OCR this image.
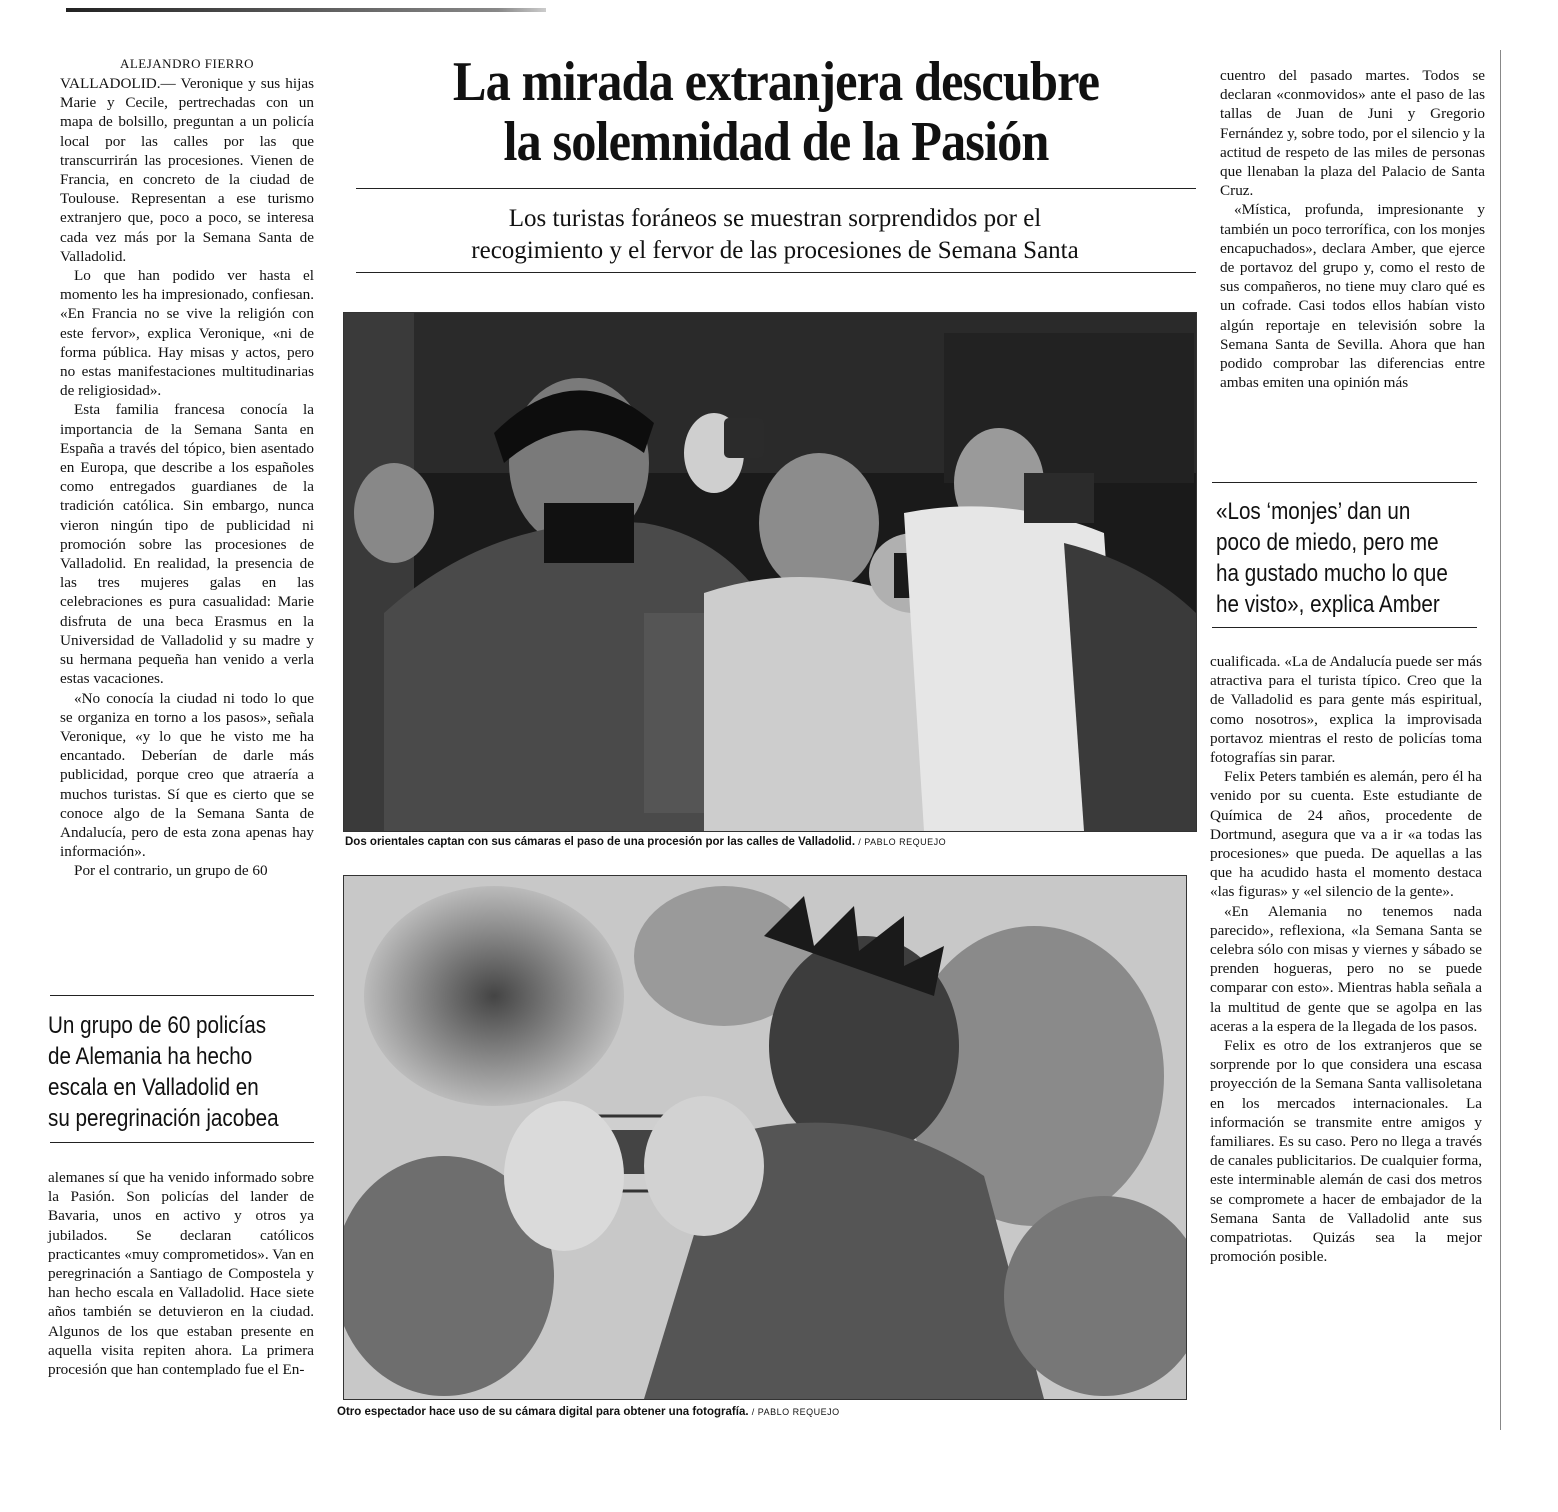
ALEJANDRO FIERRO

VALLADOLID.— Veronique y sus hijas Marie y Cecile, pertrechadas con un mapa de bolsillo, preguntan a un policía local por las calles por las que transcurrirán las procesiones. Vienen de Francia, en concreto de la ciudad de Toulouse. Representan a ese turismo extranjero que, poco a poco, se interesa cada vez más por la Semana Santa de Valladolid.

Lo que han podido ver hasta el momento les ha impresionado, confiesan. «En Francia no se vive la religión con este fervor», explica Veronique, «ni de forma pública. Hay misas y actos, pero no estas manifestaciones multitudinarias de religiosidad».

Esta familia francesa conocía la importancia de la Semana Santa en España a través del tópico, bien asentado en Europa, que describe a los españoles como entregados guardianes de la tradición católica. Sin embargo, nunca vieron ningún tipo de publicidad ni promoción sobre las procesiones de Valladolid. En realidad, la presencia de las tres mujeres galas en las celebraciones es pura casualidad: Marie disfruta de una beca Erasmus en la Universidad de Valladolid y su madre y su hermana pequeña han venido a verla estas vacaciones.

«No conocía la ciudad ni todo lo que se organiza en torno a los pasos», señala Veronique, «y lo que he visto me ha encantado. Deberían de darle más publicidad, porque creo que atraería a muchos turistas. Sí que es cierto que se conoce algo de la Semana Santa de Andalucía, pero de esta zona apenas hay información».

Por el contrario, un grupo de 60

Un grupo de 60 policías
de Alemania ha hecho
escala en Valladolid en
su peregrinación jacobea

alemanes sí que ha venido informado sobre la Pasión. Son policías del lander de Bavaria, unos en activo y otros ya jubilados. Se declaran católicos practicantes «muy comprometidos». Van en peregrinación a Santiago de Compostela y han hecho escala en Valladolid. Hace siete años también se detuvieron en la ciudad. Algunos de los que estaban presente en aquella visita repiten ahora. La primera procesión que han contemplado fue el En-

La mirada extranjera descubre
la solemnidad de la Pasión
Los turistas foráneos se muestran sorprendidos por el
recogimiento y el fervor de las procesiones de Semana Santa
Dos orientales captan con sus cámaras el paso de una procesión por las calles de Valladolid. / PABLO REQUEJO
Otro espectador hace uso de su cámara digital para obtener una fotografía. / PABLO REQUEJO

cuentro del pasado martes. Todos se declaran «conmovidos» ante el paso de las tallas de Juan de Juni y Gregorio Fernández y, sobre todo, por el silencio y la actitud de respeto de las miles de personas que llenaban la plaza del Palacio de Santa Cruz.

«Mística, profunda, impresionante y también un poco terrorífica, con los monjes encapuchados», declara Amber, que ejerce de portavoz del grupo y, como el resto de sus compañeros, no tiene muy claro qué es un cofrade. Casi todos ellos habían visto algún reportaje en televisión sobre la Semana Santa de Sevilla. Ahora que han podido comprobar las diferencias entre ambas emiten una opinión más

«Los ‘monjes’ dan un
poco de miedo, pero me
ha gustado mucho lo que
he visto», explica Amber

cualificada. «La de Andalucía puede ser más atractiva para el turista típico. Creo que la de Valladolid es para gente más espiritual, como nosotros», explica la improvisada portavoz mientras el resto de policías toma fotografías sin parar.

Felix Peters también es alemán, pero él ha venido por su cuenta. Este estudiante de Química de 24 años, procedente de Dortmund, asegura que va a ir «a todas las procesiones» que pueda. De aquellas a las que ha acudido hasta el momento destaca «las figuras» y «el silencio de la gente».

«En Alemania no tenemos nada parecido», reflexiona, «la Semana Santa se celebra sólo con misas y viernes y sábado se prenden hogueras, pero no se puede comparar con esto». Mientras habla señala a la multitud de gente que se agolpa en las aceras a la espera de la llegada de los pasos.

Felix es otro de los extranjeros que se sorprende por lo que considera una escasa proyección de la Semana Santa vallisoletana en los mercados internacionales. La información se transmite entre amigos y familiares. Es su caso. Pero no llega a través de canales publicitarios. De cualquier forma, este interminable alemán de casi dos metros se compromete a hacer de embajador de la Semana Santa de Valladolid ante sus compatriotas. Quizás sea la mejor promoción posible.
